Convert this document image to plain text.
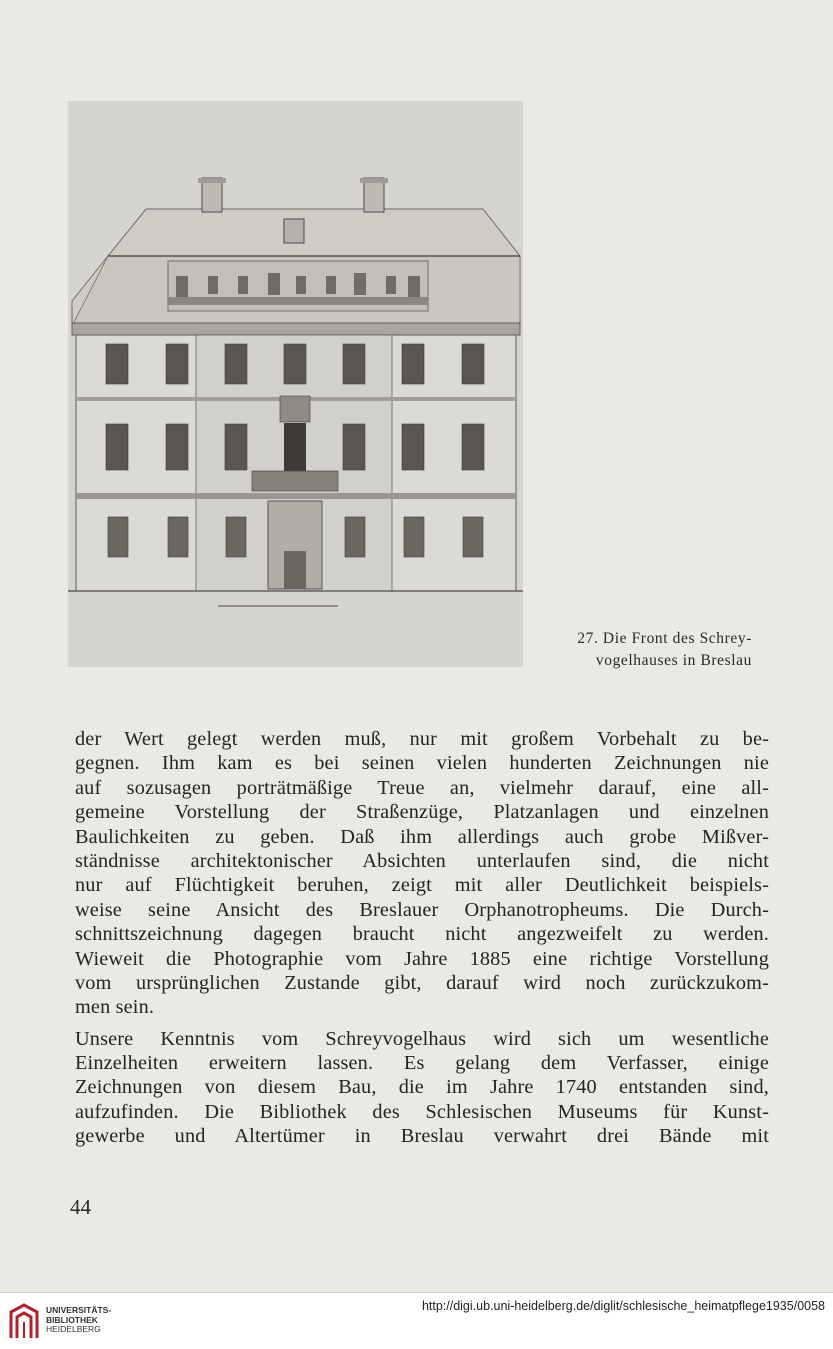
27. Die Front des Schrey-
vogelhauses in Breslau
der Wert gelegt werden muß, nur mit großem Vorbehalt zu be-
gegnen. Ihm kam es bei seinen vielen hunderten Zeichnungen nie
auf sozusagen porträtmäßige Treue an, vielmehr darauf, eine all-
gemeine Vorstellung der Straßenzüge, Platzanlagen und einzelnen
Baulichkeiten zu geben. Daß ihm allerdings auch grobe Mißver-
ständnisse architektonischer Absichten unterlaufen sind, die nicht
nur auf Flüchtigkeit beruhen, zeigt mit aller Deutlichkeit beispiels-
weise seine Ansicht des Breslauer Orphanotropheums. Die Durch-
schnittszeichnung dagegen braucht nicht angezweifelt zu werden.
Wieweit die Photographie vom Jahre 1885 eine richtige Vorstellung
vom ursprünglichen Zustande gibt, darauf wird noch zurückzukom-
men sein.
Unsere Kenntnis vom Schreyvogelhaus wird sich um wesentliche
Einzelheiten erweitern lassen. Es gelang dem Verfasser, einige
Zeichnungen von diesem Bau, die im Jahre 1740 entstanden sind,
aufzufinden. Die Bibliothek des Schlesischen Museums für Kunst-
gewerbe und Altertümer in Breslau verwahrt drei Bände mit
44
UNIVERSITÄTS-
BIBLIOTHEK
HEIDELBERG
http://digi.ub.uni-heidelberg.de/diglit/schlesische_heimatpflege1935/0058
